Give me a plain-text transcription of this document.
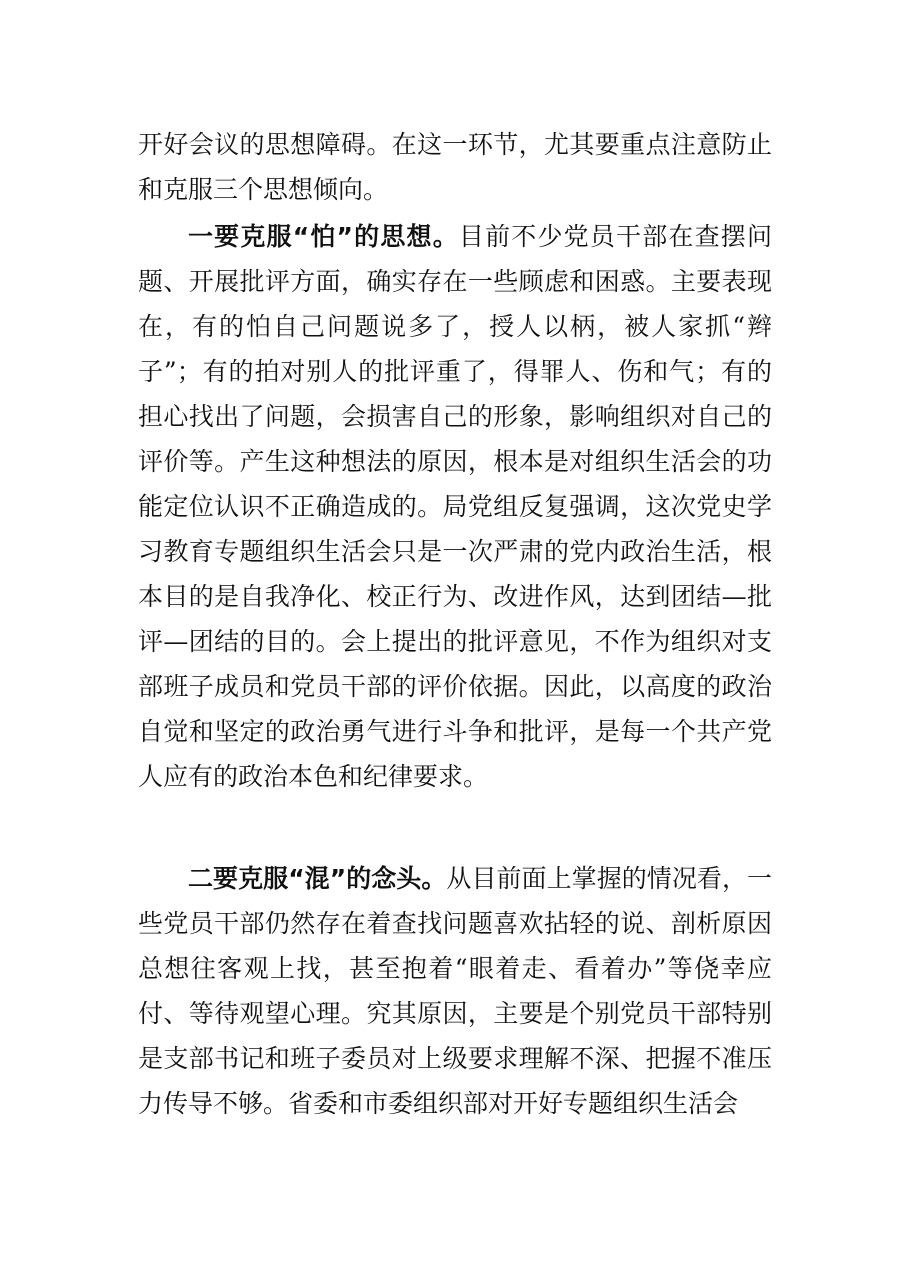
开好会议的思想障碍。在这一环节，尤其要重点注意防止和克服三个思想倾向。

一要克服“怕”的思想。目前不少党员干部在查摆问题、开展批评方面，确实存在一些顾虑和困惑。主要表现在，有的怕自己问题说多了，授人以柄，被人家抓“辫子”；有的拍对别人的批评重了，得罪人、伤和气；有的担心找出了问题，会损害自己的形象，影响组织对自己的评价等。产生这种想法的原因，根本是对组织生活会的功能定位认识不正确造成的。局党组反复强调，这次党史学习教育专题组织生活会只是一次严肃的党内政治生活，根本目的是自我净化、校正行为、改进作风，达到团结—批评—团结的目的。会上提出的批评意见，不作为组织对支部班子成员和党员干部的评价依据。因此，以高度的政治自觉和坚定的政治勇气进行斗争和批评，是每一个共产党人应有的政治本色和纪律要求。

二要克服“混”的念头。从目前面上掌握的情况看，一些党员干部仍然存在着查找问题喜欢拈轻的说、剖析原因总想往客观上找，甚至抱着“眼着走、看着办”等侥幸应付、等待观望心理。究其原因，主要是个别党员干部特别是支部书记和班子委员对上级要求理解不深、把握不准压力传导不够。省委和市委组织部对开好专题组织生活会
